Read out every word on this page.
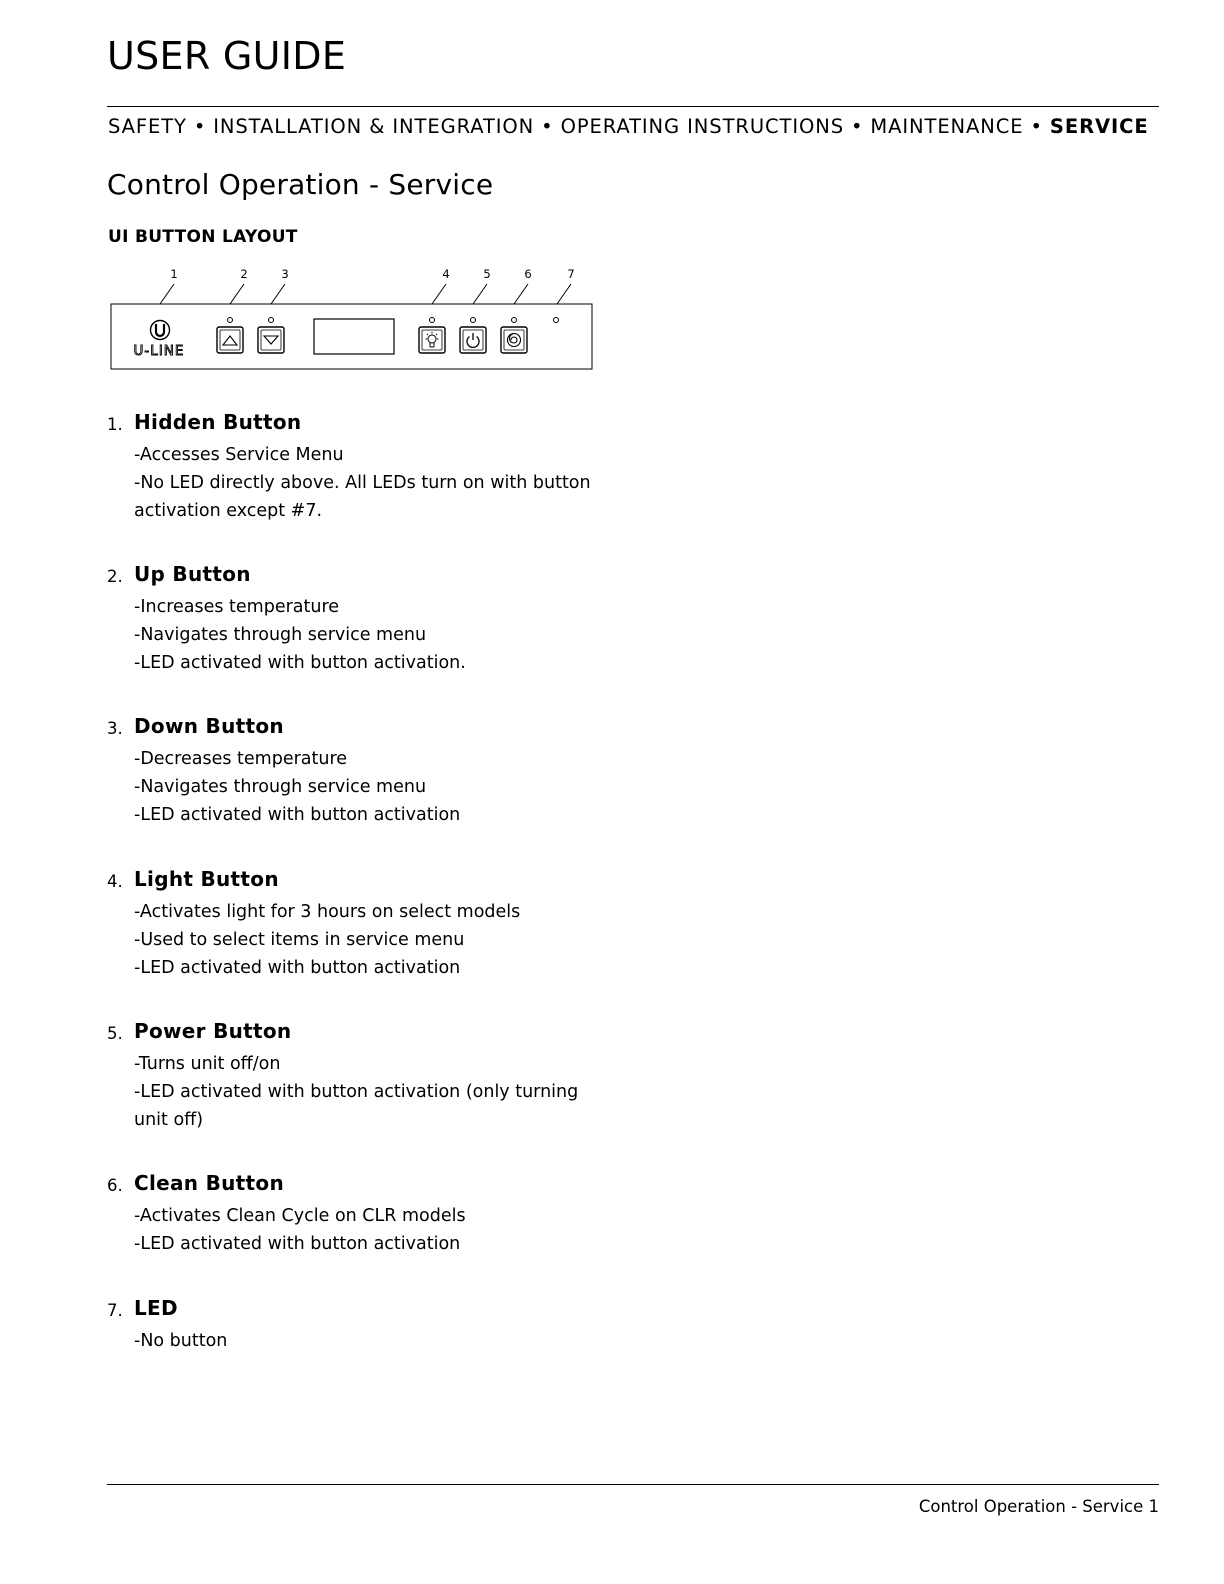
USER GUIDE
SAFETY • INSTALLATION & INTEGRATION • OPERATING INSTRUCTIONS • MAINTENANCE • SERVICE
Control Operation - Service
UI BUTTON LAYOUT
1	2	3	4	5	6	7
U-LINE
1. Hidden Button
-Accesses Service Menu
-No LED directly above. All LEDs turn on with button activation except #7.
2. Up Button
-Increases temperature
-Navigates through service menu
-LED activated with button activation.
3. Down Button
-Decreases temperature
-Navigates through service menu
-LED activated with button activation
4. Light Button
-Activates light for 3 hours on select models
-Used to select items in service menu
-LED activated with button activation
5. Power Button
-Turns unit off/on
-LED activated with button activation (only turning unit off)
6. Clean Button
-Activates Clean Cycle on CLR models
-LED activated with button activation
7. LED
-No button
Control Operation - Service 1
